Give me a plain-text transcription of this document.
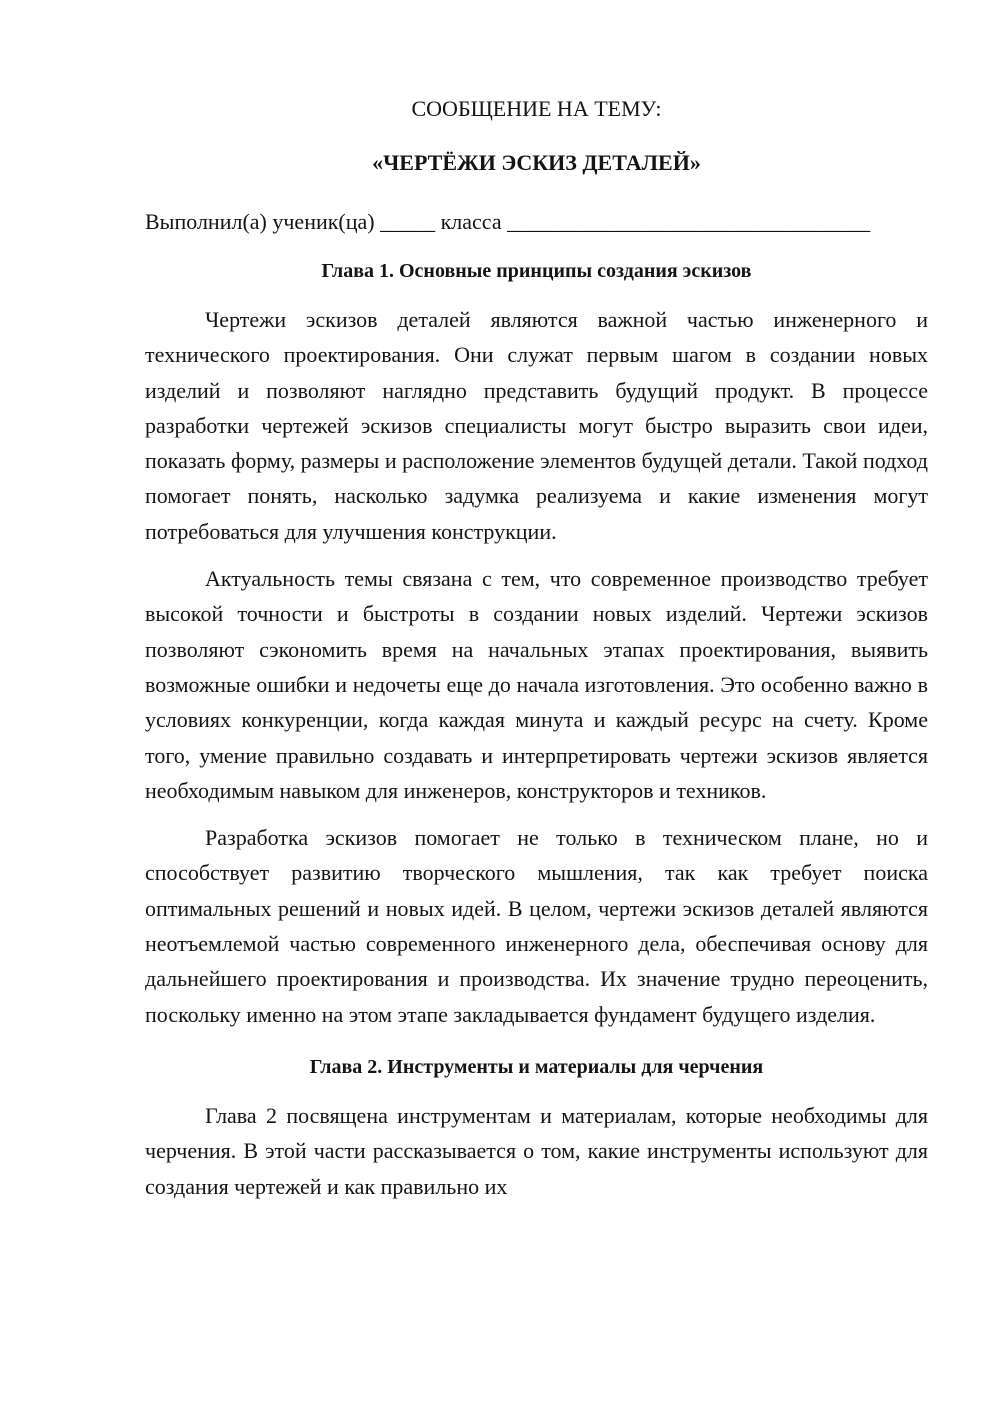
СООБЩЕНИЕ НА ТЕМУ:

«ЧЕРТЁЖИ ЭСКИЗ ДЕТАЛЕЙ»

Выполнил(а) ученик(ца) _____ класса _________________________________
Глава 1. Основные принципы создания эскизов

Чертежи эскизов деталей являются важной частью инженерного и технического проектирования. Они служат первым шагом в создании новых изделий и позволяют наглядно представить будущий продукт. В процессе разработки чертежей эскизов специалисты могут быстро выразить свои идеи, показать форму, размеры и расположение элементов будущей детали. Такой подход помогает понять, насколько задумка реализуема и какие изменения могут потребоваться для улучшения конструкции.

Актуальность темы связана с тем, что современное производство требует высокой точности и быстроты в создании новых изделий. Чертежи эскизов позволяют сэкономить время на начальных этапах проектирования, выявить возможные ошибки и недочеты еще до начала изготовления. Это особенно важно в условиях конкуренции, когда каждая минута и каждый ресурс на счету. Кроме того, умение правильно создавать и интерпретировать чертежи эскизов является необходимым навыком для инженеров, конструкторов и техников.

Разработка эскизов помогает не только в техническом плане, но и способствует развитию творческого мышления, так как требует поиска оптимальных решений и новых идей. В целом, чертежи эскизов деталей являются неотъемлемой частью современного инженерного дела, обеспечивая основу для дальнейшего проектирования и производства. Их значение трудно переоценить, поскольку именно на этом этапе закладывается фундамент будущего изделия.

Глава 2. Инструменты и материалы для черчения

Глава 2 посвящена инструментам и материалам, которые необходимы для черчения. В этой части рассказывается о том, какие инструменты используют для создания чертежей и как правильно их
